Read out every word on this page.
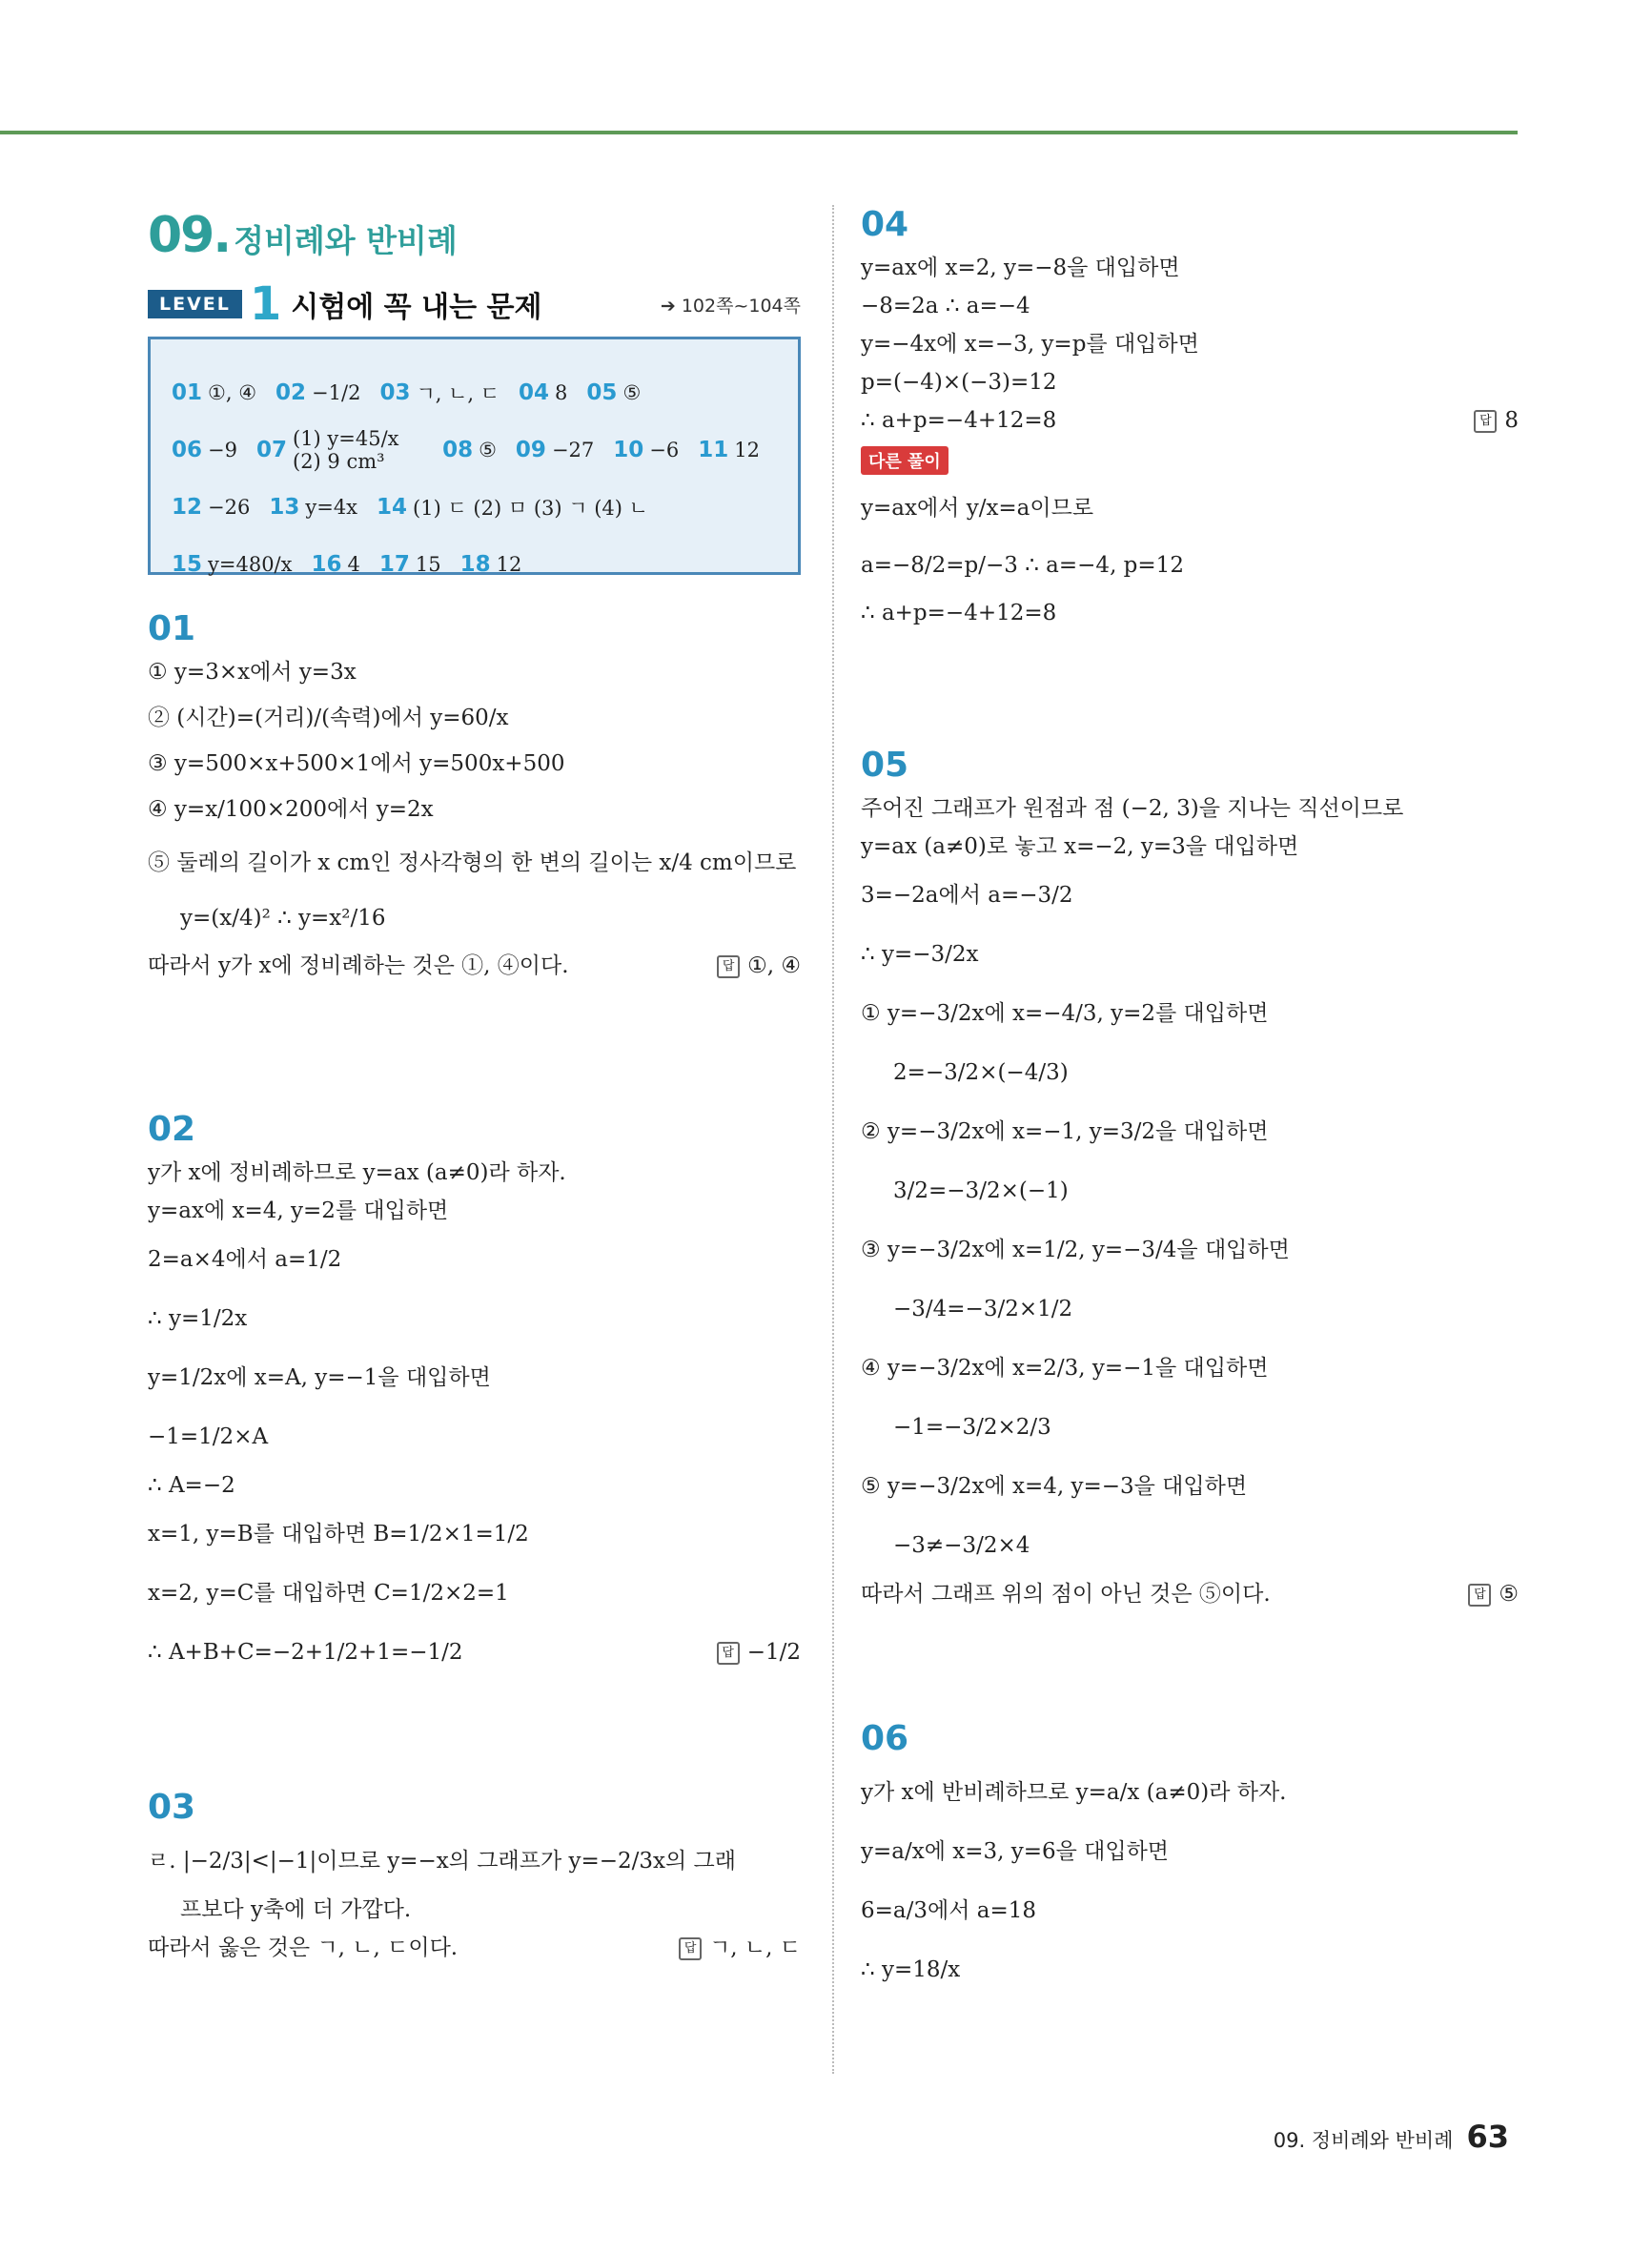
09. 정비례와 반비례
LEVEL 1 시험에 꼭 내는 문제	➔ 102쪽~104쪽
01 ①, ④ 02 −1/2 03 ㄱ, ㄴ, ㄷ 04 8 05 ⑤
06 −9 07 (1) y=45/x (2) 9 cm³	08 ⑤ 09 −27 10 −6 11 12
12 −26 13 y=4x 14 (1) ㄷ (2) ㅁ (3) ㄱ (4) ㄴ
15 y=480/x 16 4 17 15 18 12
01
① y=3×x에서 y=3x
② (시간)=(거리)/(속력)에서 y=60/x
③ y=500×x+500×1에서 y=500x+500
④ y=x/100×200에서 y=2x
⑤ 둘레의 길이가 x cm인 정사각형의 한 변의 길이는 x/4 cm이므로
y=(x/4)² ∴ y=x²/16
따라서 y가 x에 정비례하는 것은 ①, ④이다.	답 ①, ④
02
y가 x에 정비례하므로 y=ax (a≠0)라 하자.
y=ax에 x=4, y=2를 대입하면
2=a×4에서 a=1/2
∴ y=1/2x
y=1/2x에 x=A, y=−1을 대입하면
−1=1/2×A
∴ A=−2
x=1, y=B를 대입하면 B=1/2×1=1/2
x=2, y=C를 대입하면 C=1/2×2=1
∴ A+B+C=−2+1/2+1=−1/2	답 −1/2
03
ㄹ. |−2/3|<|−1|이므로 y=−x의 그래프가 y=−2/3x의 그래
프보다 y축에 더 가깝다.
따라서 옳은 것은 ㄱ, ㄴ, ㄷ이다.	답 ㄱ, ㄴ, ㄷ
04
y=ax에 x=2, y=−8을 대입하면
−8=2a ∴ a=−4
y=−4x에 x=−3, y=p를 대입하면
p=(−4)×(−3)=12
∴ a+p=−4+12=8	답 8
다른 풀이
y=ax에서 y/x=a이므로
a=−8/2=p/−3 ∴ a=−4, p=12
∴ a+p=−4+12=8
05
주어진 그래프가 원점과 점 (−2, 3)을 지나는 직선이므로
y=ax (a≠0)로 놓고 x=−2, y=3을 대입하면
3=−2a에서 a=−3/2
∴ y=−3/2x
① y=−3/2x에 x=−4/3, y=2를 대입하면
2=−3/2×(−4/3)
② y=−3/2x에 x=−1, y=3/2을 대입하면
3/2=−3/2×(−1)
③ y=−3/2x에 x=1/2, y=−3/4을 대입하면
−3/4=−3/2×1/2
④ y=−3/2x에 x=2/3, y=−1을 대입하면
−1=−3/2×2/3
⑤ y=−3/2x에 x=4, y=−3을 대입하면
−3≠−3/2×4
따라서 그래프 위의 점이 아닌 것은 ⑤이다.	답 ⑤
06
y가 x에 반비례하므로 y=a/x (a≠0)라 하자.
y=a/x에 x=3, y=6을 대입하면
6=a/3에서 a=18
∴ y=18/x
09. 정비례와 반비례 63
